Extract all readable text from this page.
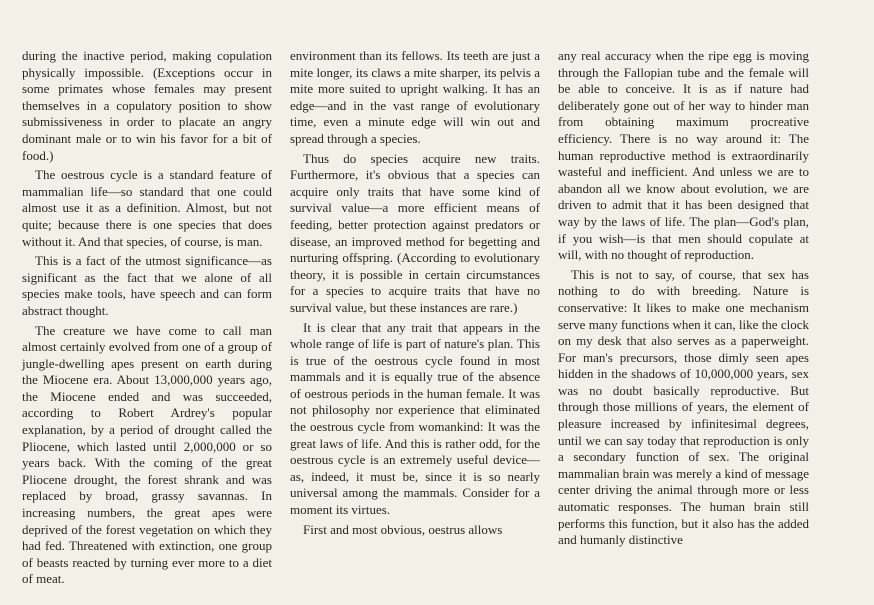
during the inactive period, making copulation physically impossible. (Exceptions occur in some primates whose females may present themselves in a copulatory position to show submissiveness in order to placate an angry dominant male or to win his favor for a bit of food.)

The oestrous cycle is a standard feature of mammalian life—so standard that one could almost use it as a definition. Almost, but not quite; because there is one species that does without it. And that species, of course, is man.

This is a fact of the utmost significance—as significant as the fact that we alone of all species make tools, have speech and can form abstract thought.

The creature we have come to call man almost certainly evolved from one of a group of jungle-dwelling apes present on earth during the Miocene era. About 13,000,000 years ago, the Miocene ended and was succeeded, according to Robert Ardrey's popular explanation, by a period of drought called the Pliocene, which lasted until 2,000,000 or so years back. With the coming of the great Pliocene drought, the forest shrank and was replaced by broad, grassy savannas. In increasing numbers, the great apes were deprived of the forest vegetation on which they had fed. Threatened with extinction, one group of beasts reacted by turning ever more to a diet of meat.

environment than its fellows. Its teeth are just a mite longer, its claws a mite sharper, its pelvis a mite more suited to upright walking. It has an edge—and in the vast range of evolutionary time, even a minute edge will win out and spread through a species.

Thus do species acquire new traits. Furthermore, it's obvious that a species can acquire only traits that have some kind of survival value—a more efficient means of feeding, better protection against predators or disease, an improved method for begetting and nurturing offspring. (According to evolutionary theory, it is possible in certain circumstances for a species to acquire traits that have no survival value, but these instances are rare.)

It is clear that any trait that appears in the whole range of life is part of nature's plan. This is true of the oestrous cycle found in most mammals and it is equally true of the absence of oestrous periods in the human female. It was not philosophy nor experience that eliminated the oestrous cycle from womankind: It was the great laws of life. And this is rather odd, for the oestrous cycle is an extremely useful device—as, indeed, it must be, since it is so nearly universal among the mammals. Consider for a moment its virtues.

First and most obvious, oestrus allows

any real accuracy when the ripe egg is moving through the Fallopian tube and the female will be able to conceive. It is as if nature had deliberately gone out of her way to hinder man from obtaining maximum procreative efficiency. There is no way around it: The human reproductive method is extraordinarily wasteful and inefficient. And unless we are to abandon all we know about evolution, we are driven to admit that it has been designed that way by the laws of life. The plan—God's plan, if you wish—is that men should copulate at will, with no thought of reproduction.

This is not to say, of course, that sex has nothing to do with breeding. Nature is conservative: It likes to make one mechanism serve many functions when it can, like the clock on my desk that also serves as a paperweight. For man's precursors, those dimly seen apes hidden in the shadows of 10,000,000 years, sex was no doubt basically reproductive. But through those millions of years, the element of pleasure increased by infinitesimal degrees, until we can say today that reproduction is only a secondary function of sex. The original mammalian brain was merely a kind of message center driving the animal through more or less automatic responses. The human brain still performs this function, but it also has the added and humanly distinctive
